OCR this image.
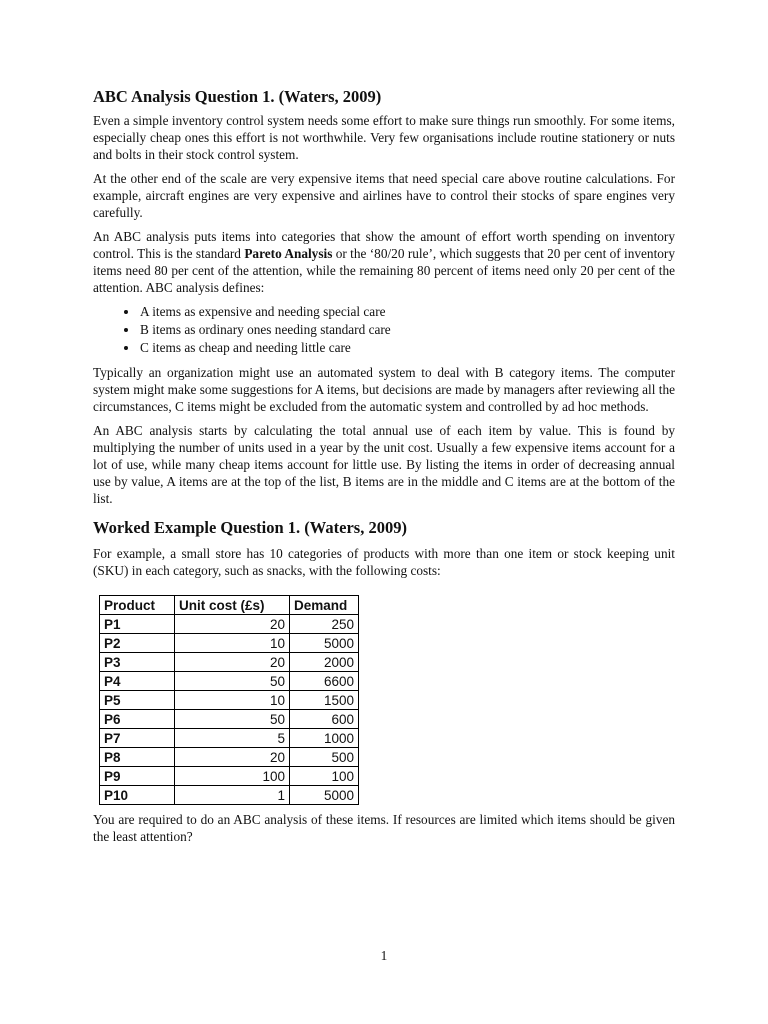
ABC Analysis Question 1. (Waters, 2009)

Even a simple inventory control system needs some effort to make sure things run smoothly. For some items, especially cheap ones this effort is not worthwhile. Very few organisations include routine stationery or nuts and bolts in their stock control system.

At the other end of the scale are very expensive items that need special care above routine calculations. For example, aircraft engines are very expensive and airlines have to control their stocks of spare engines very carefully.

An ABC analysis puts items into categories that show the amount of effort worth spending on inventory control. This is the standard Pareto Analysis or the ‘80/20 rule’, which suggests that 20 per cent of inventory items need 80 per cent of the attention, while the remaining 80 percent of items need only 20 per cent of the attention. ABC analysis defines:

• A items as expensive and needing special care
• B items as ordinary ones needing standard care
• C items as cheap and needing little care

Typically an organization might use an automated system to deal with B category items. The computer system might make some suggestions for A items, but decisions are made by managers after reviewing all the circumstances, C items might be excluded from the automatic system and controlled by ad hoc methods.

An ABC analysis starts by calculating the total annual use of each item by value. This is found by multiplying the number of units used in a year by the unit cost. Usually a few expensive items account for a lot of use, while many cheap items account for little use. By listing the items in order of decreasing annual use by value, A items are at the top of the list, B items are in the middle and C items are at the bottom of the list.

Worked Example Question 1. (Waters, 2009)

For example, a small store has 10 categories of products with more than one item or stock keeping unit (SKU) in each category, such as snacks, with the following costs:

Product	Unit cost (£s)	Demand
P1	20	250
P2	10	5000
P3	20	2000
P4	50	6600
P5	10	1500
P6	50	600
P7	5	1000
P8	20	500
P9	100	100
P10	1	5000

You are required to do an ABC analysis of these items. If resources are limited which items should be given the least attention?

1
